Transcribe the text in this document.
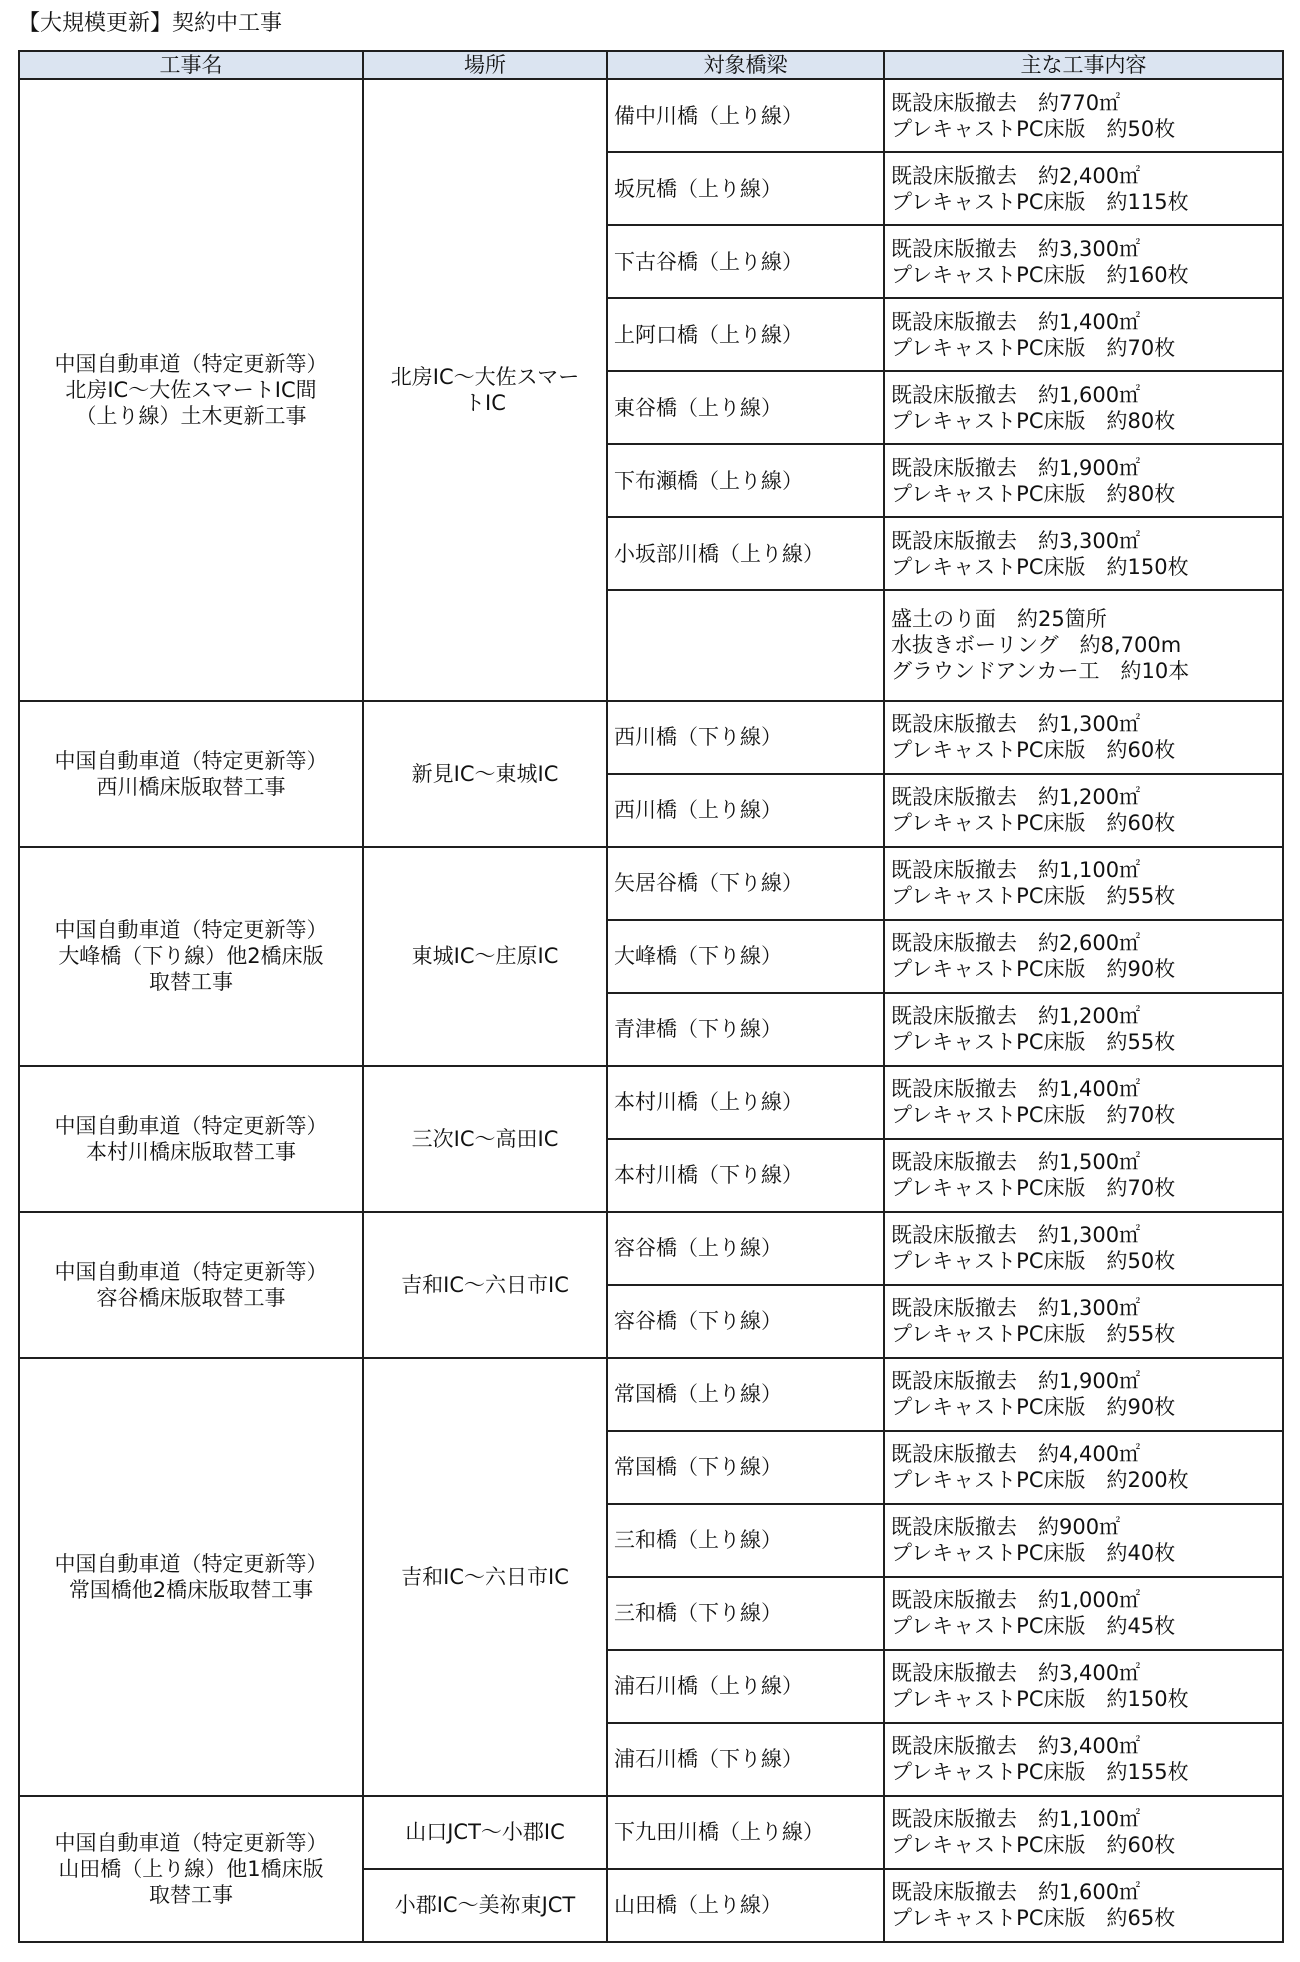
【大規模更新】契約中工事
工事名	場所	対象橋梁	主な工事内容
中国自動車道（特定更新等）
北房IC～大佐スマートIC間
（上り線）土木更新工事	北房IC～大佐スマー
トIC	備中川橋（上り線）	既設床版撤去　約770㎡
プレキャストPC床版　約50枚
		坂尻橋（上り線）	既設床版撤去　約2,400㎡
プレキャストPC床版　約115枚
		下古谷橋（上り線）	既設床版撤去　約3,300㎡
プレキャストPC床版　約160枚
		上阿口橋（上り線）	既設床版撤去　約1,400㎡
プレキャストPC床版　約70枚
		東谷橋（上り線）	既設床版撤去　約1,600㎡
プレキャストPC床版　約80枚
		下布瀬橋（上り線）	既設床版撤去　約1,900㎡
プレキャストPC床版　約80枚
		小坂部川橋（上り線）	既設床版撤去　約3,300㎡
プレキャストPC床版　約150枚
			盛土のり面　約25箇所
水抜きボーリング　約8,700m
グラウンドアンカー工　約10本
中国自動車道（特定更新等）
西川橋床版取替工事	新見IC～東城IC	西川橋（下り線）	既設床版撤去　約1,300㎡
プレキャストPC床版　約60枚
		西川橋（上り線）	既設床版撤去　約1,200㎡
プレキャストPC床版　約60枚
中国自動車道（特定更新等）
大峰橋（下り線）他2橋床版
取替工事	東城IC～庄原IC	矢居谷橋（下り線）	既設床版撤去　約1,100㎡
プレキャストPC床版　約55枚
		大峰橋（下り線）	既設床版撤去　約2,600㎡
プレキャストPC床版　約90枚
		青津橋（下り線）	既設床版撤去　約1,200㎡
プレキャストPC床版　約55枚
中国自動車道（特定更新等）
本村川橋床版取替工事	三次IC～高田IC	本村川橋（上り線）	既設床版撤去　約1,400㎡
プレキャストPC床版　約70枚
		本村川橋（下り線）	既設床版撤去　約1,500㎡
プレキャストPC床版　約70枚
中国自動車道（特定更新等）
容谷橋床版取替工事	吉和IC～六日市IC	容谷橋（上り線）	既設床版撤去　約1,300㎡
プレキャストPC床版　約50枚
		容谷橋（下り線）	既設床版撤去　約1,300㎡
プレキャストPC床版　約55枚
中国自動車道（特定更新等）
常国橋他2橋床版取替工事	吉和IC～六日市IC	常国橋（上り線）	既設床版撤去　約1,900㎡
プレキャストPC床版　約90枚
		常国橋（下り線）	既設床版撤去　約4,400㎡
プレキャストPC床版　約200枚
		三和橋（上り線）	既設床版撤去　約900㎡
プレキャストPC床版　約40枚
		三和橋（下り線）	既設床版撤去　約1,000㎡
プレキャストPC床版　約45枚
		浦石川橋（上り線）	既設床版撤去　約3,400㎡
プレキャストPC床版　約150枚
		浦石川橋（下り線）	既設床版撤去　約3,400㎡
プレキャストPC床版　約155枚
中国自動車道（特定更新等）
山田橋（上り線）他1橋床版
取替工事	山口JCT～小郡IC	下九田川橋（上り線）	既設床版撤去　約1,100㎡
プレキャストPC床版　約60枚
	小郡IC～美祢東JCT	山田橋（上り線）	既設床版撤去　約1,600㎡
プレキャストPC床版　約65枚
